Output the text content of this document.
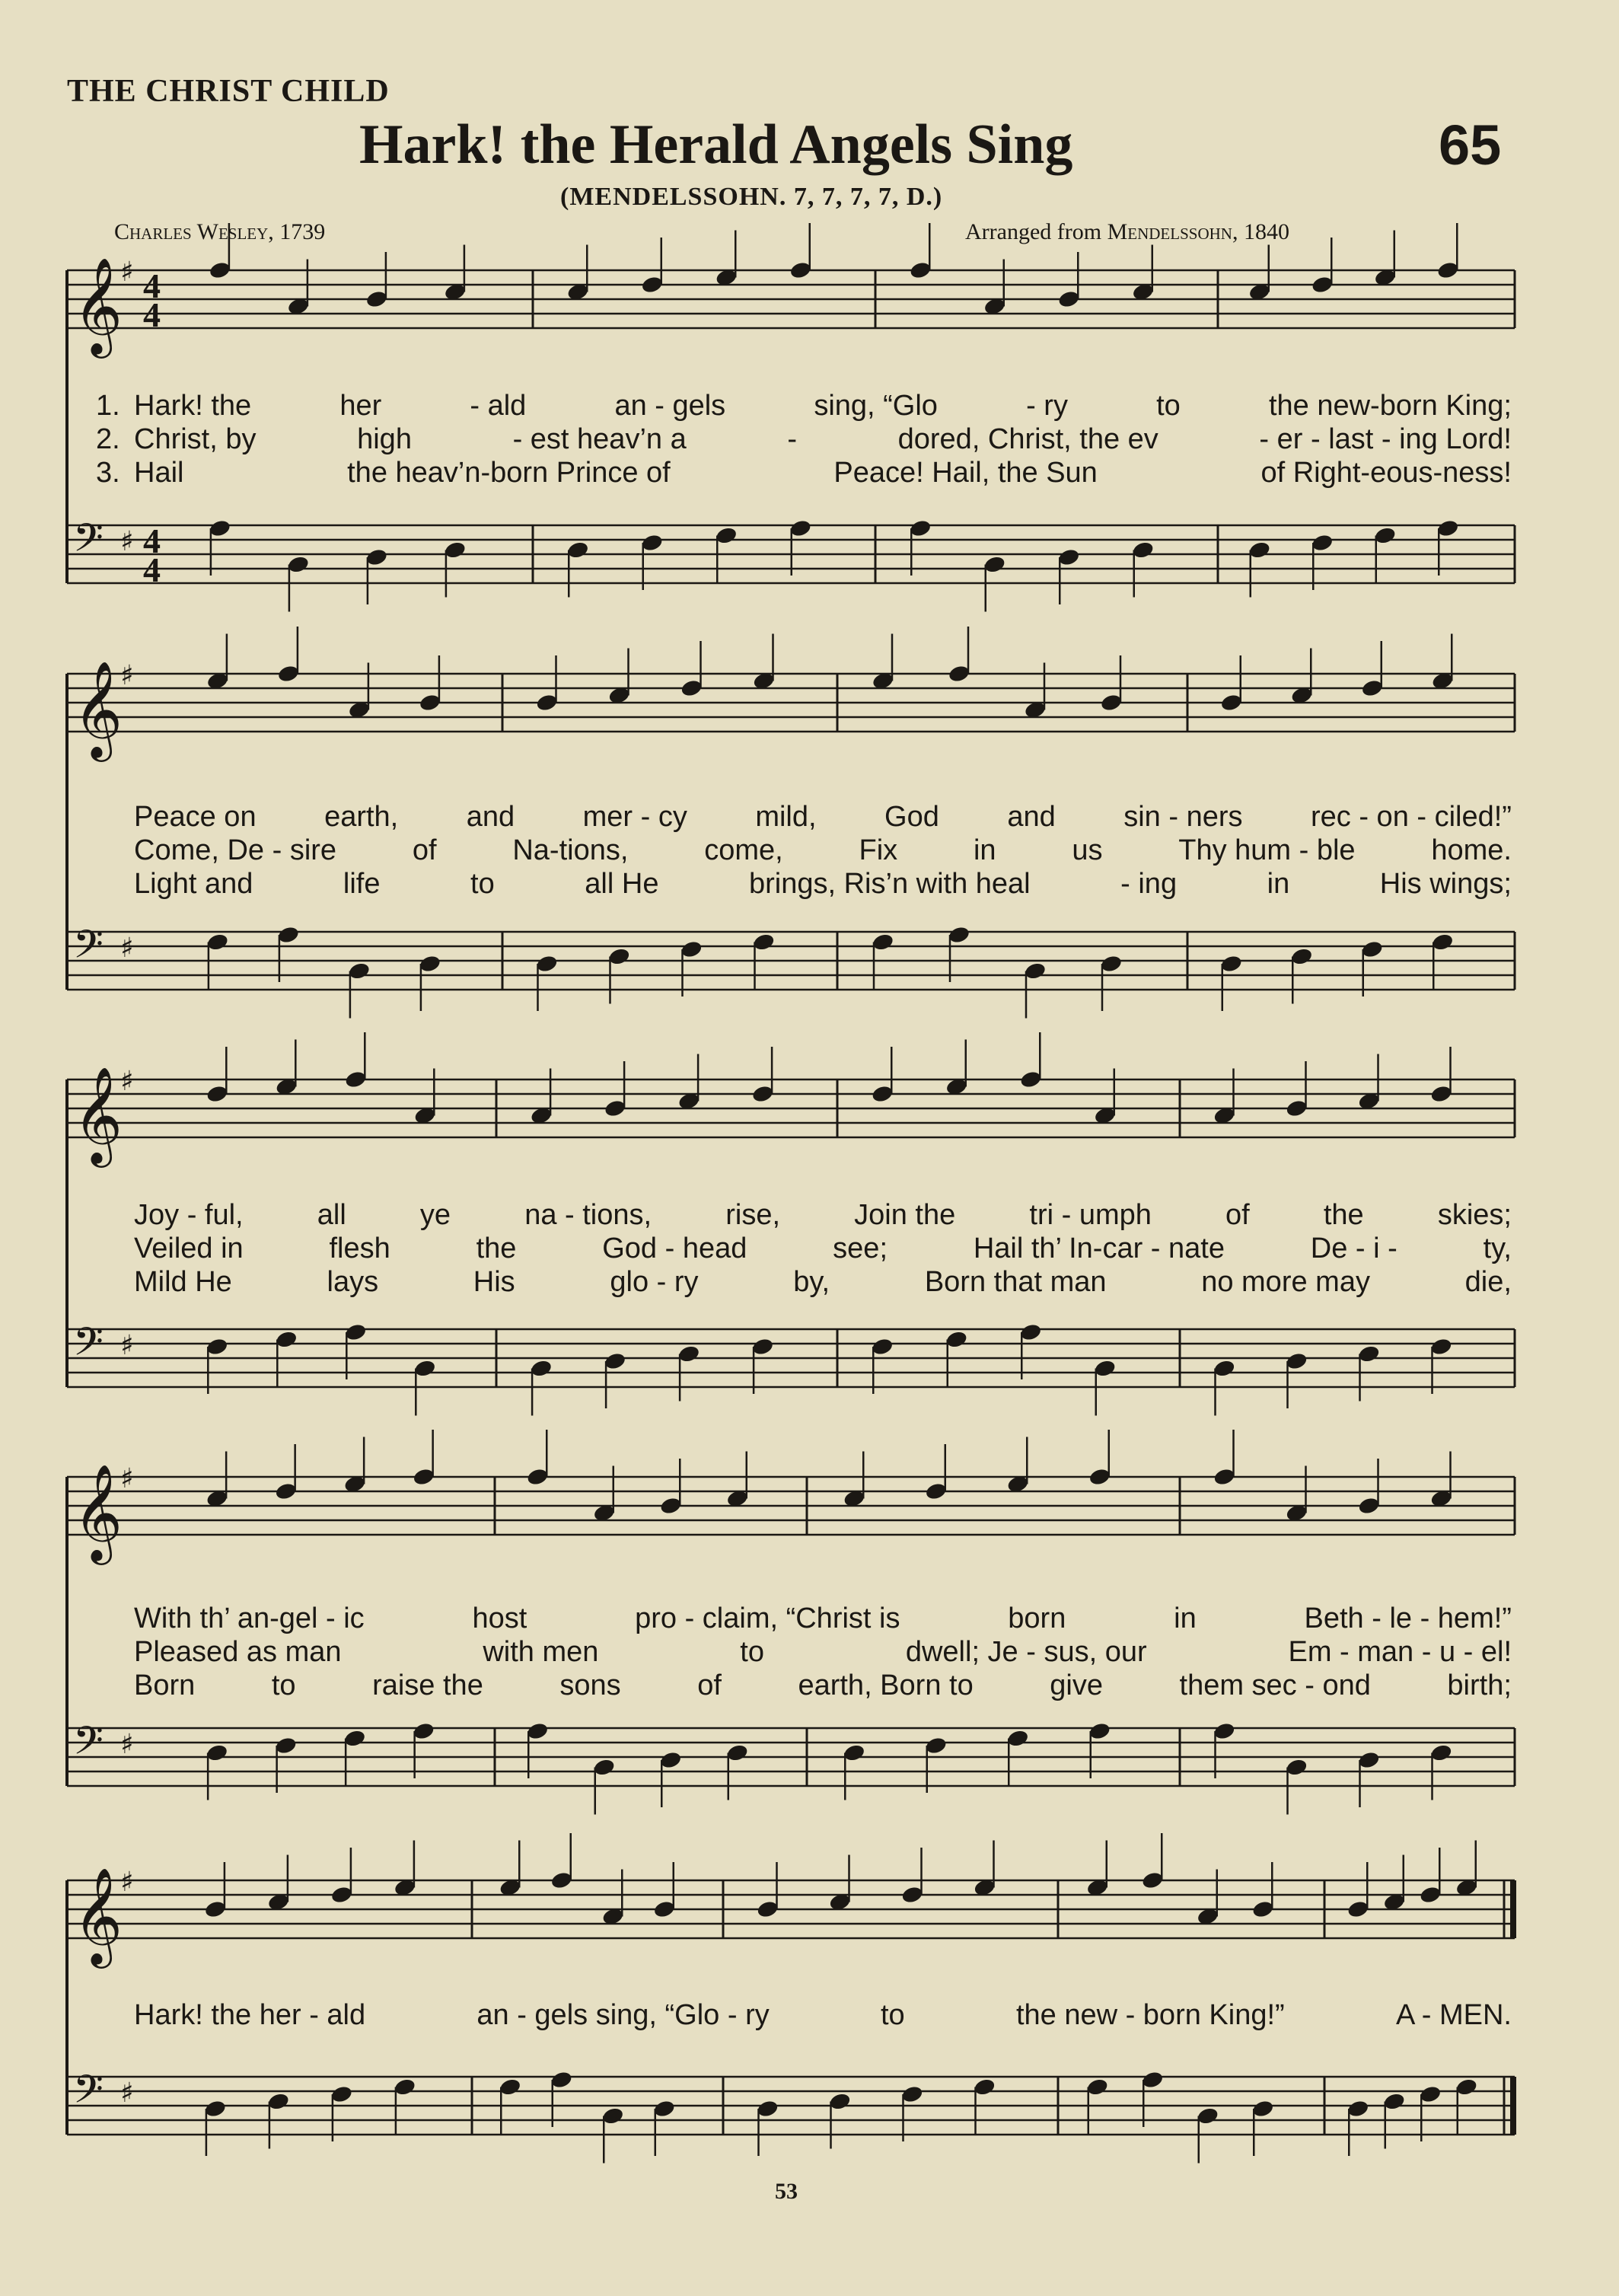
THE CHRIST CHILD
Hark! the Herald Angels Sing	65
(MENDELSSOHN. 7, 7, 7, 7, D.)
Charles Wesley, 1739	Arranged from Mendelssohn, 1840
𝄞
♯ 4
4
𝄢 ♯ 4
4
1. Hark! the	her	- ald	an - gels	sing, “Glo	- ry	to	the new-born King;
2. Christ, by	high	- est heav’n a	-	dored, Christ, the ev	- er - last - ing Lord!
3. Hail	the heav’n-born Prince of	Peace! Hail, the Sun	of Right-eous-ness!
𝄞
♯
𝄢 ♯
Peace on earth, and mer - cy mild, God and sin - ners rec - on - ciled!”
Come, De - sire	of	Na-tions,	come,	Fix	in	us	Thy hum - ble	home.
Light and	life	to	all He	brings, Ris’n with heal	- ing	in	His wings;
𝄞
♯
𝄢 ♯
Joy - ful,	all	ye	na - tions,	rise,	Join the	tri - umph	of	the	skies;
Veiled in	flesh	the	God - head	see;	Hail th’ In-car - nate	De - i -	ty,
Mild He	lays	His	glo - ry	by,	Born that man	no more may	die,
𝄞
♯
𝄢 ♯
With th’ an-gel - ic	host	pro - claim, “Christ is	born	in	Beth - le - hem!”
Pleased as man	with men	to	dwell; Je - sus, our	Em - man - u - el!
Born	to	raise the	sons	of	earth, Born to	give	them sec - ond	birth;
𝄞
♯
𝄢 ♯
Hark! the her - ald	an - gels sing, “Glo - ry	to	the new - born King!”	A - MEN.
53
